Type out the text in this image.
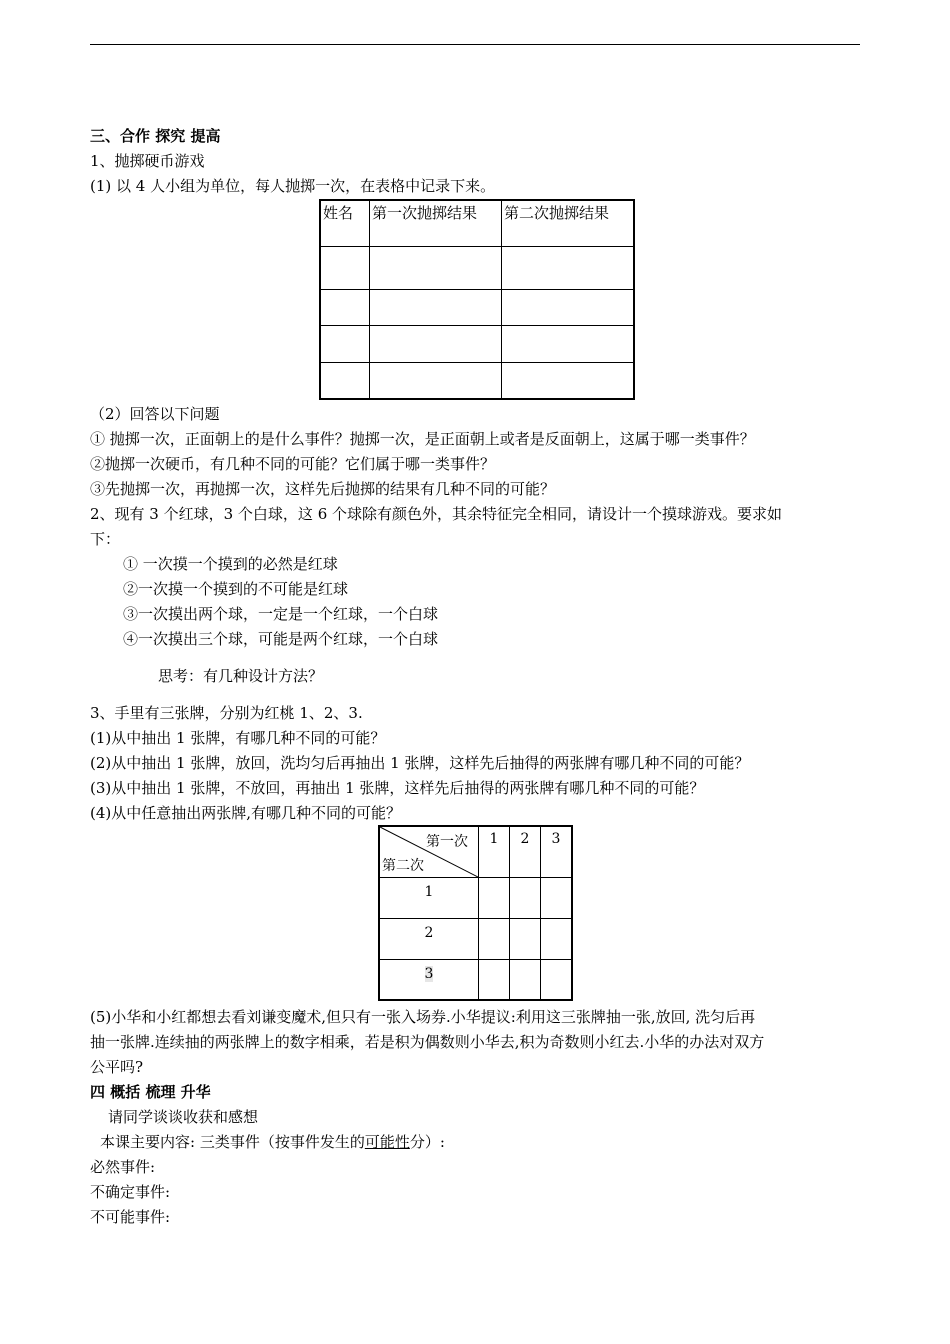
三、合作 探究 提高
1、抛掷硬币游戏
(1) 以 4 人小组为单位，每人抛掷一次，在表格中记录下来。
姓名	第一次抛掷结果	第二次抛掷结果

（2）回答以下问题
① 抛掷一次，正面朝上的是什么事件？抛掷一次，是正面朝上或者是反面朝上，这属于哪一类事件？
②抛掷一次硬币，有几种不同的可能？它们属于哪一类事件？
③先抛掷一次，再抛掷一次，这样先后抛掷的结果有几种不同的可能？
2、现有 3 个红球，3 个白球，这 6 个球除有颜色外，其余特征完全相同，请设计一个摸球游戏。要求如
下：
① 一次摸一个摸到的必然是红球
②一次摸一个摸到的不可能是红球
③一次摸出两个球，一定是一个红球，一个白球
④一次摸出三个球，可能是两个红球，一个白球
思考：有几种设计方法？
3、手里有三张牌，分别为红桃 1、2、3.
(1)从中抽出 1 张牌，有哪几种不同的可能？
(2)从中抽出 1 张牌，放回，洗均匀后再抽出 1 张牌，这样先后抽得的两张牌有哪几种不同的可能？
(3)从中抽出 1 张牌，不放回，再抽出 1 张牌，这样先后抽得的两张牌有哪几种不同的可能？
(4)从中任意抽出两张牌,有哪几种不同的可能？
第一次
第二次	1	2	3
1			
2			
3			
(5)小华和小红都想去看刘谦变魔术,但只有一张入场券.小华提议:利用这三张牌抽一张,放回, 洗匀后再
抽一张牌.连续抽的两张牌上的数字相乘，若是积为偶数则小华去,积为奇数则小红去.小华的办法对双方
公平吗?
四 概括 梳理 升华
请同学谈谈收获和感想
本课主要内容: 三类事件（按事件发生的可能性分）:
必然事件:
不确定事件:
不可能事件:
